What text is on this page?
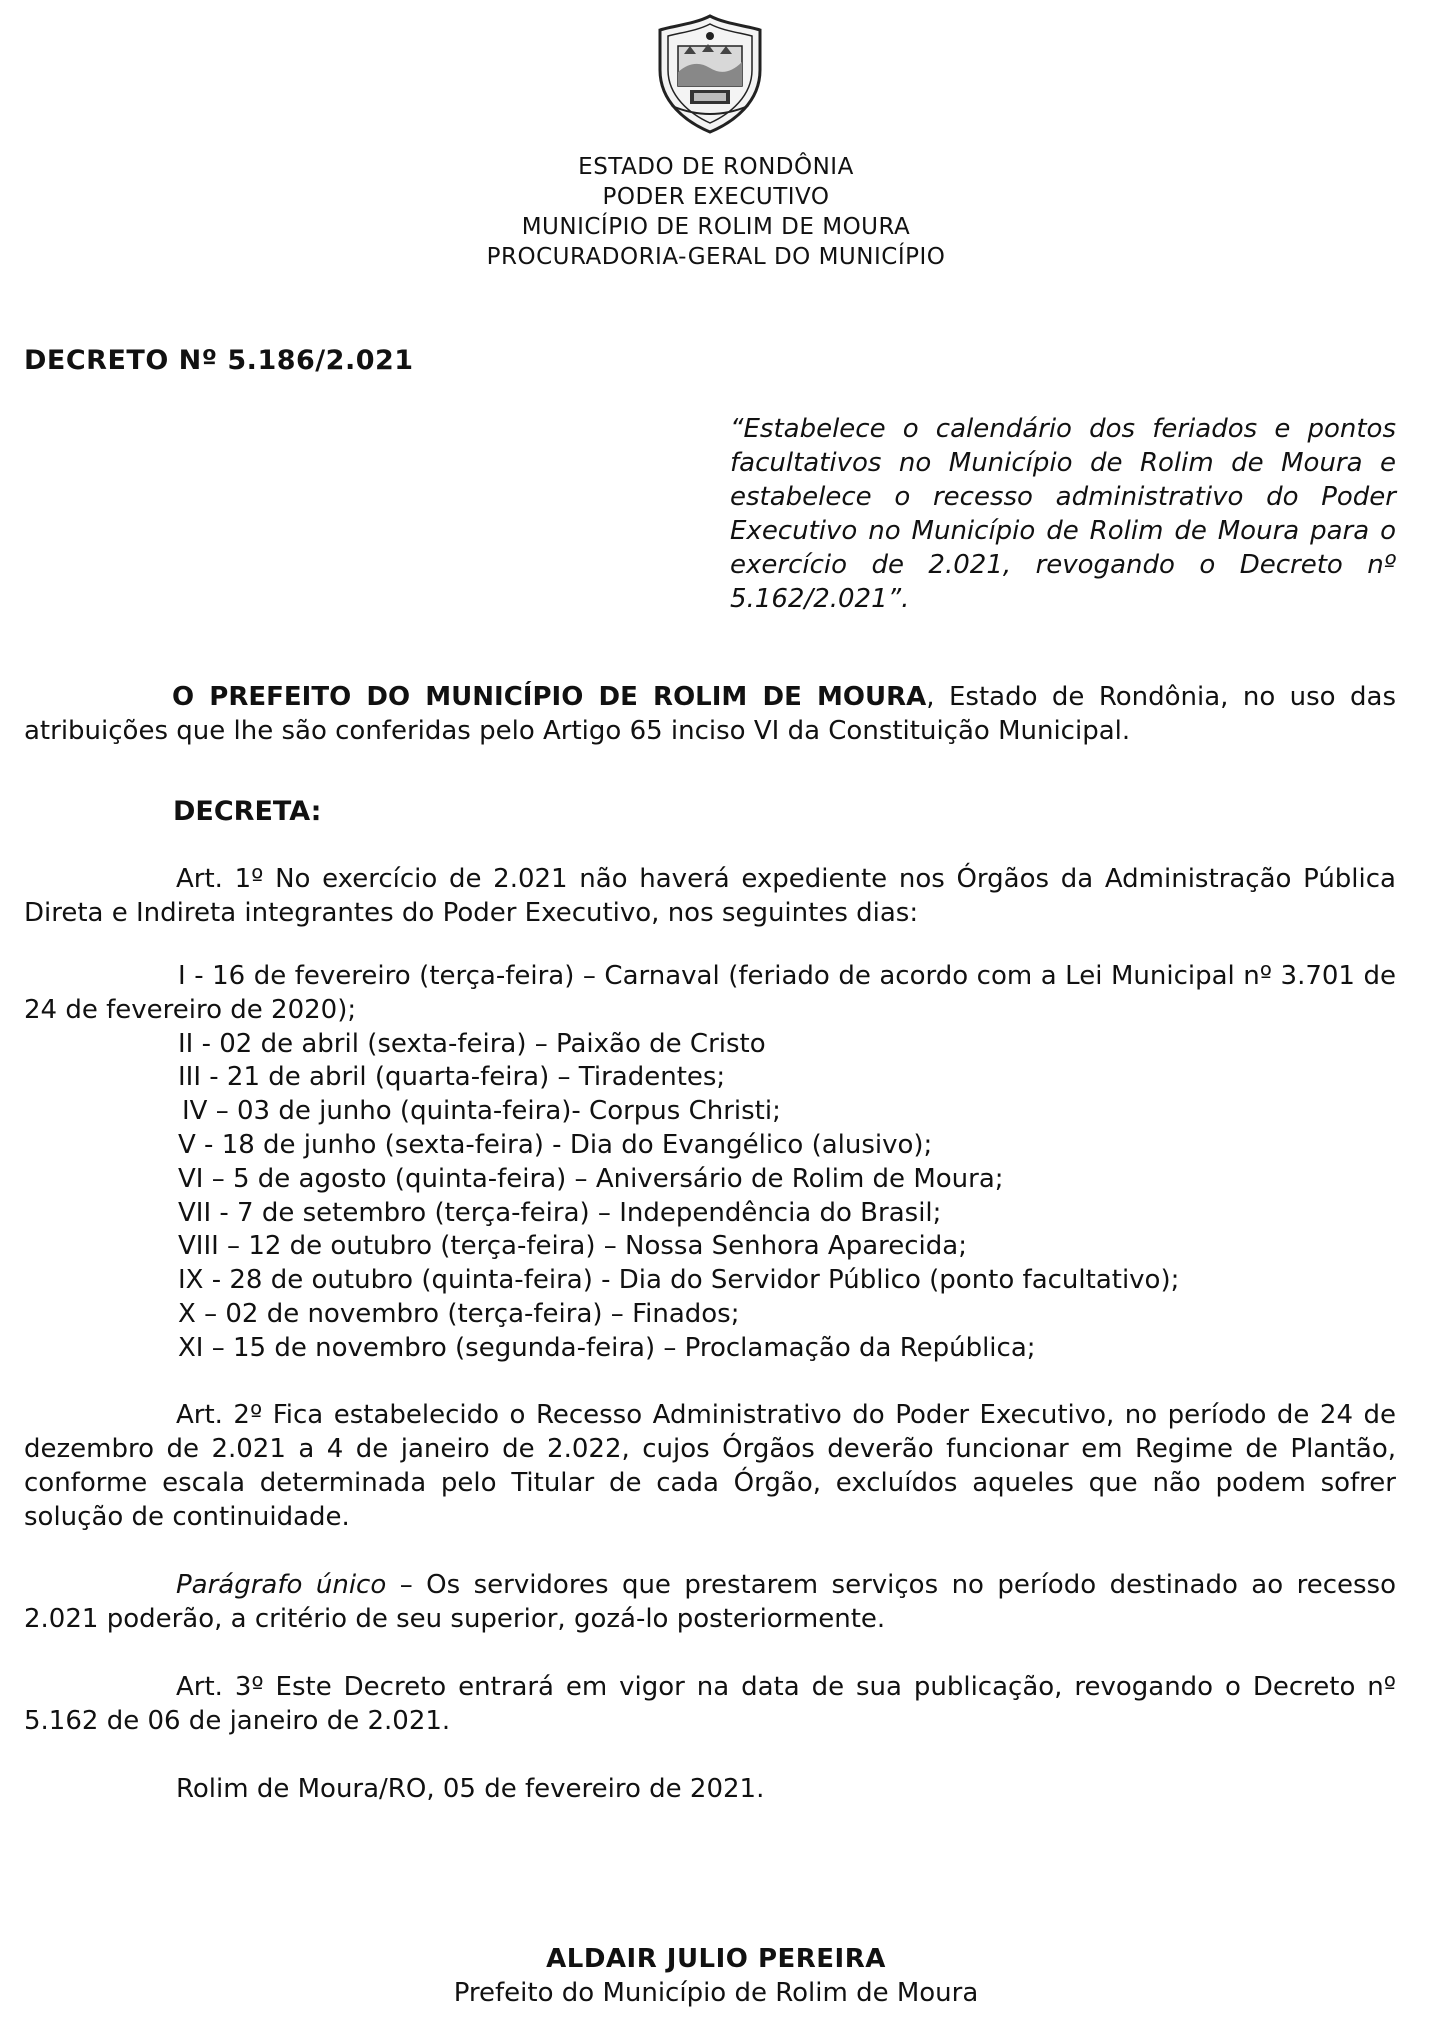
ESTADO DE RONDÔNIA
PODER EXECUTIVO
MUNICÍPIO DE ROLIM DE MOURA
PROCURADORIA-GERAL DO MUNICÍPIO
DECRETO Nº 5.186/2.021
“Estabelece o calendário dos feriados e pontos facultativos no Município de Rolim de Moura e estabelece o recesso administrativo do Poder Executivo no Município de Rolim de Moura para o exercício de 2.021, revogando o Decreto nº 5.162/2.021”.
O PREFEITO DO MUNICÍPIO DE ROLIM DE MOURA, Estado de Rondônia, no uso das atribuições que lhe são conferidas pelo Artigo 65 inciso VI da Constituição Municipal.
DECRETA:
Art. 1º No exercício de 2.021 não haverá expediente nos Órgãos da Administração Pública Direta e Indireta integrantes do Poder Executivo, nos seguintes dias:
I - 16 de fevereiro (terça-feira) – Carnaval (feriado de acordo com a Lei Municipal nº 3.701 de 24 de fevereiro de 2020);
II - 02 de abril (sexta-feira) – Paixão de Cristo
III - 21 de abril (quarta-feira) – Tiradentes;
IV – 03 de junho (quinta-feira)- Corpus Christi;
V - 18 de junho (sexta-feira) - Dia do Evangélico (alusivo);
VI – 5 de agosto (quinta-feira) – Aniversário de Rolim de Moura;
VII - 7 de setembro (terça-feira) – Independência do Brasil;
VIII – 12 de outubro (terça-feira) – Nossa Senhora Aparecida;
IX - 28 de outubro (quinta-feira) - Dia do Servidor Público (ponto facultativo);
X – 02 de novembro (terça-feira) – Finados;
XI – 15 de novembro (segunda-feira) – Proclamação da República;
Art. 2º Fica estabelecido o Recesso Administrativo do Poder Executivo, no período de 24 de dezembro de 2.021 a 4 de janeiro de 2.022, cujos Órgãos deverão funcionar em Regime de Plantão, conforme escala determinada pelo Titular de cada Órgão, excluídos aqueles que não podem sofrer solução de continuidade.
Parágrafo único – Os servidores que prestarem serviços no período destinado ao recesso 2.021 poderão, a critério de seu superior, gozá-lo posteriormente.
Art. 3º Este Decreto entrará em vigor na data de sua publicação, revogando o Decreto nº 5.162 de 06 de janeiro de 2.021.
Rolim de Moura/RO, 05 de fevereiro de 2021.
ALDAIR JULIO PEREIRA
Prefeito do Município de Rolim de Moura
